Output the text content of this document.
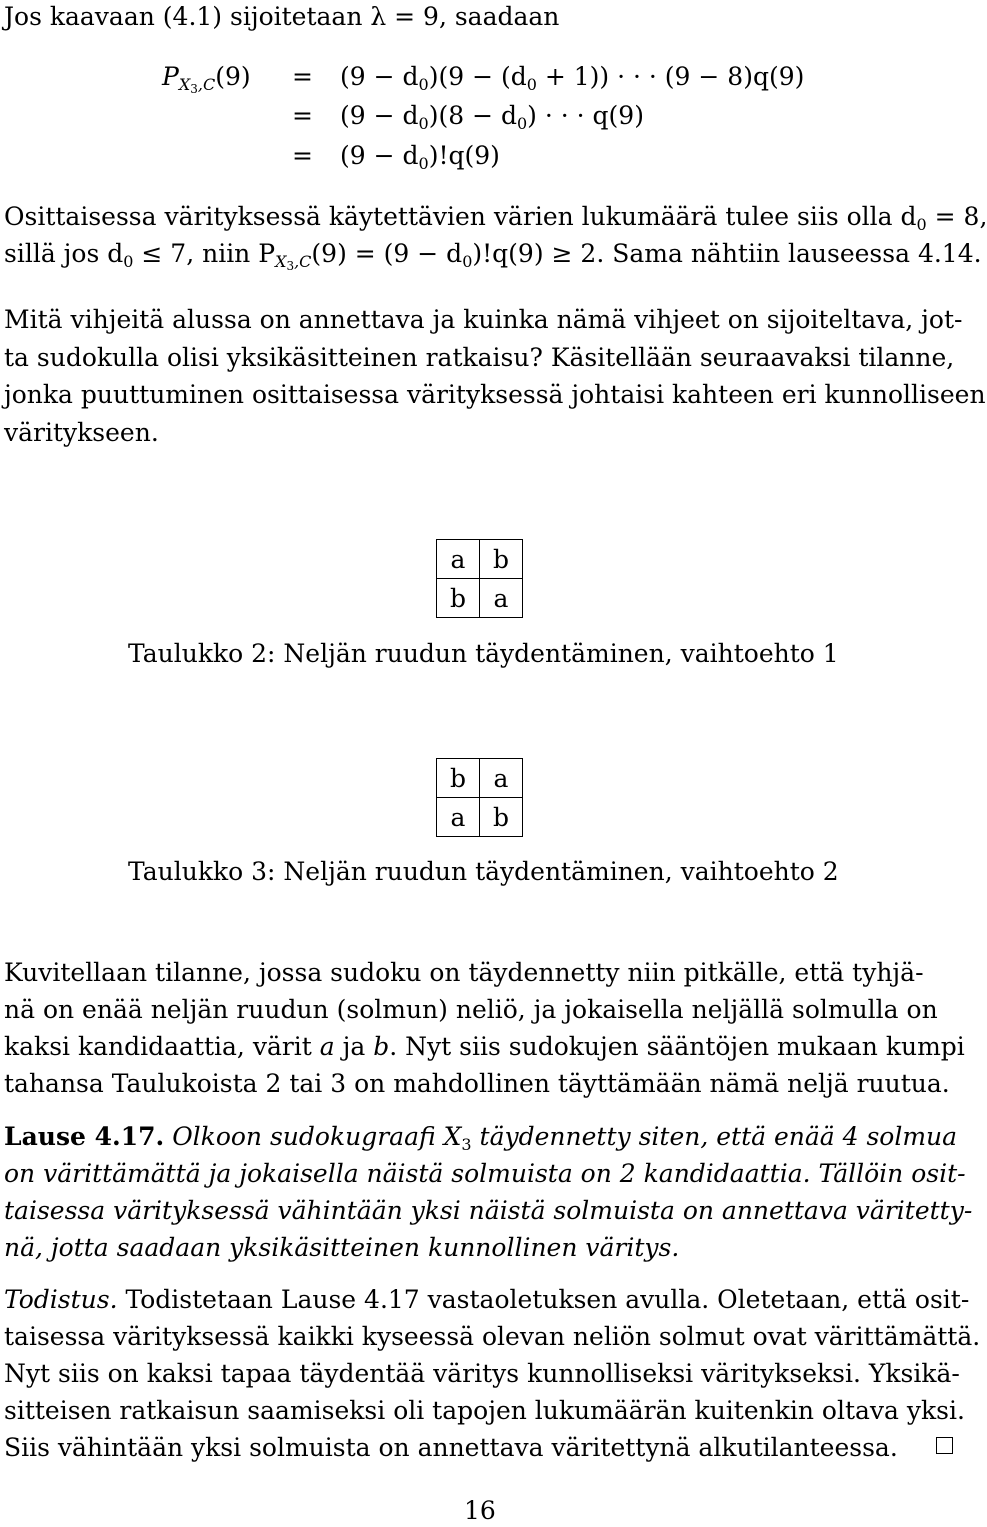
Jos kaavaan (4.1) sijoitetaan λ = 9, saadaan
$P_{X_3,C}(9) = (9 - d_0)(9 - (d_0 + 1))$ · · · (9 − 8)q(9)
= $(9 - d_0)(8 - d_0)$ · · · q(9)
= $(9 - d_0)!q(9)$
Osittaisessa värityksessä käytettävien värien lukumäärä tulee siis olla $d_0 = 8$,
sillä jos $d_0 \le 7$, niin $P_{X_3,C}(9) = (9 - d_0)!q(9) \ge 2$. Sama nähtiin lauseessa 4.14.
Mitä vihjeitä alussa on annettava ja kuinka nämä vihjeet on sijoiteltava, jot-
ta sudokulla olisi yksikäsitteinen ratkaisu? Käsitellään seuraavaksi tilanne,
jonka puuttuminen osittaisessa värityksessä johtaisi kahteen eri kunnolliseen
väritykseen.
a	b
b	a
Taulukko 2: Neljän ruudun täydentäminen, vaihtoehto 1
b	a
a	b
Taulukko 3: Neljän ruudun täydentäminen, vaihtoehto 2
Kuvitellaan tilanne, jossa sudoku on täydennetty niin pitkälle, että tyhjä-
nä on enää neljän ruudun (solmun) neliö, ja jokaisella neljällä solmulla on
kaksi kandidaattia, värit a ja b. Nyt siis sudokujen sääntöjen mukaan kumpi
tahansa Taulukoista 2 tai 3 on mahdollinen täyttämään nämä neljä ruutua.
Lause 4.17. Olkoon sudokugraafi $X_3$ täydennetty siten, että enää 4 solmua
on värittämättä ja jokaisella näistä solmuista on 2 kandidaattia. Tällöin osit-
taisessa värityksessä vähintään yksi näistä solmuista on annettava väritetty-
nä, jotta saadaan yksikäsitteinen kunnollinen väritys.
Todistus. Todistetaan Lause 4.17 vastaoletuksen avulla. Oletetaan, että osit-
taisessa värityksessä kaikki kyseessä olevan neliön solmut ovat värittämättä.
Nyt siis on kaksi tapaa täydentää väritys kunnolliseksi väritykseksi. Yksikä-
sitteisen ratkaisun saamiseksi oli tapojen lukumäärän kuitenkin oltava yksi.
Siis vähintään yksi solmuista on annettava väritettynä alkutilanteessa.
16
